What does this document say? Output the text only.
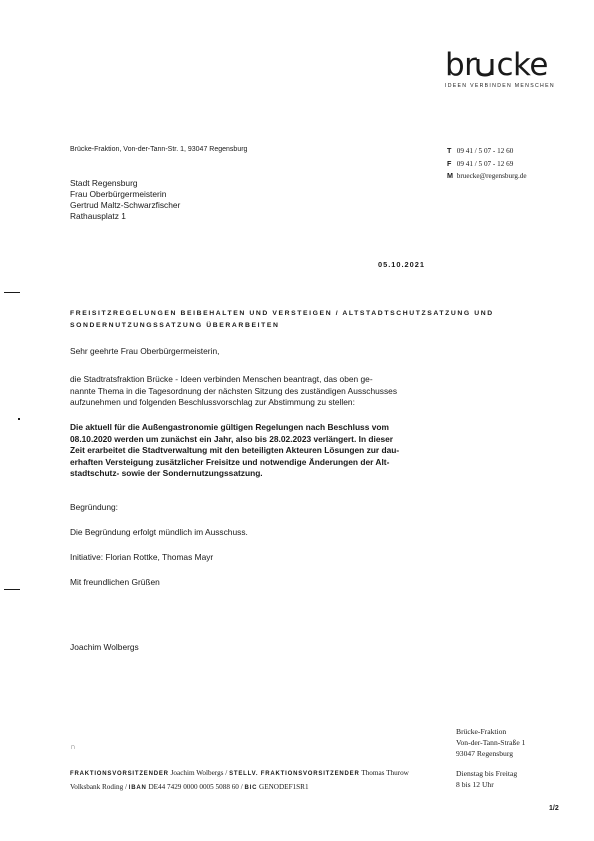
br cke
IDEEN VERBINDEN MENSCHEN
Brücke-Fraktion, Von-der-Tann-Str. 1, 93047 Regensburg	T 09 41 / 5 07 - 12 60
F 09 41 / 5 07 - 12 69
M bruecke@regensburg.de
Stadt Regensburg
Frau Oberbürgermeisterin
Gertrud Maltz-Schwarzfischer
Rathausplatz 1
05.10.2021
FREISITZREGELUNGEN BEIBEHALTEN UND VERSTEIGEN / ALTSTADTSCHUTZSATZUNG UND
SONDERNUTZUNGSSATZUNG ÜBERARBEITEN
Sehr geehrte Frau Oberbürgermeisterin,
die Stadtratsfraktion Brücke - Ideen verbinden Menschen beantragt, das oben ge-
nannte Thema in die Tagesordnung der nächsten Sitzung des zuständigen Ausschusses
aufzunehmen und folgenden Beschlussvorschlag zur Abstimmung zu stellen:
Die aktuell für die Außengastronomie gültigen Regelungen nach Beschluss vom
08.10.2020 werden um zunächst ein Jahr, also bis 28.02.2023 verlängert. In dieser
Zeit erarbeitet die Stadtverwaltung mit den beteiligten Akteuren Lösungen zur dau-
erhaften Versteigung zusätzlicher Freisitze und notwendige Änderungen der Alt-
stadtschutz- sowie der Sondernutzungssatzung.
Begründung:
Die Begründung erfolgt mündlich im Ausschuss.
Initiative: Florian Rottke, Thomas Mayr
Mit freundlichen Grüßen
Joachim Wolbergs
∩
Brücke-Fraktion
Von-der-Tann-Straße 1
93047 Regensburg
Dienstag bis Freitag
8 bis 12 Uhr
FRAKTIONSVORSITZENDER Joachim Wolbergs / STELLV. FRAKTIONSVORSITZENDER Thomas Thurow
Volksbank Roding / IBAN DE44 7429 0000 0005 5088 60 / BIC GENODEF1SR1
1/2
